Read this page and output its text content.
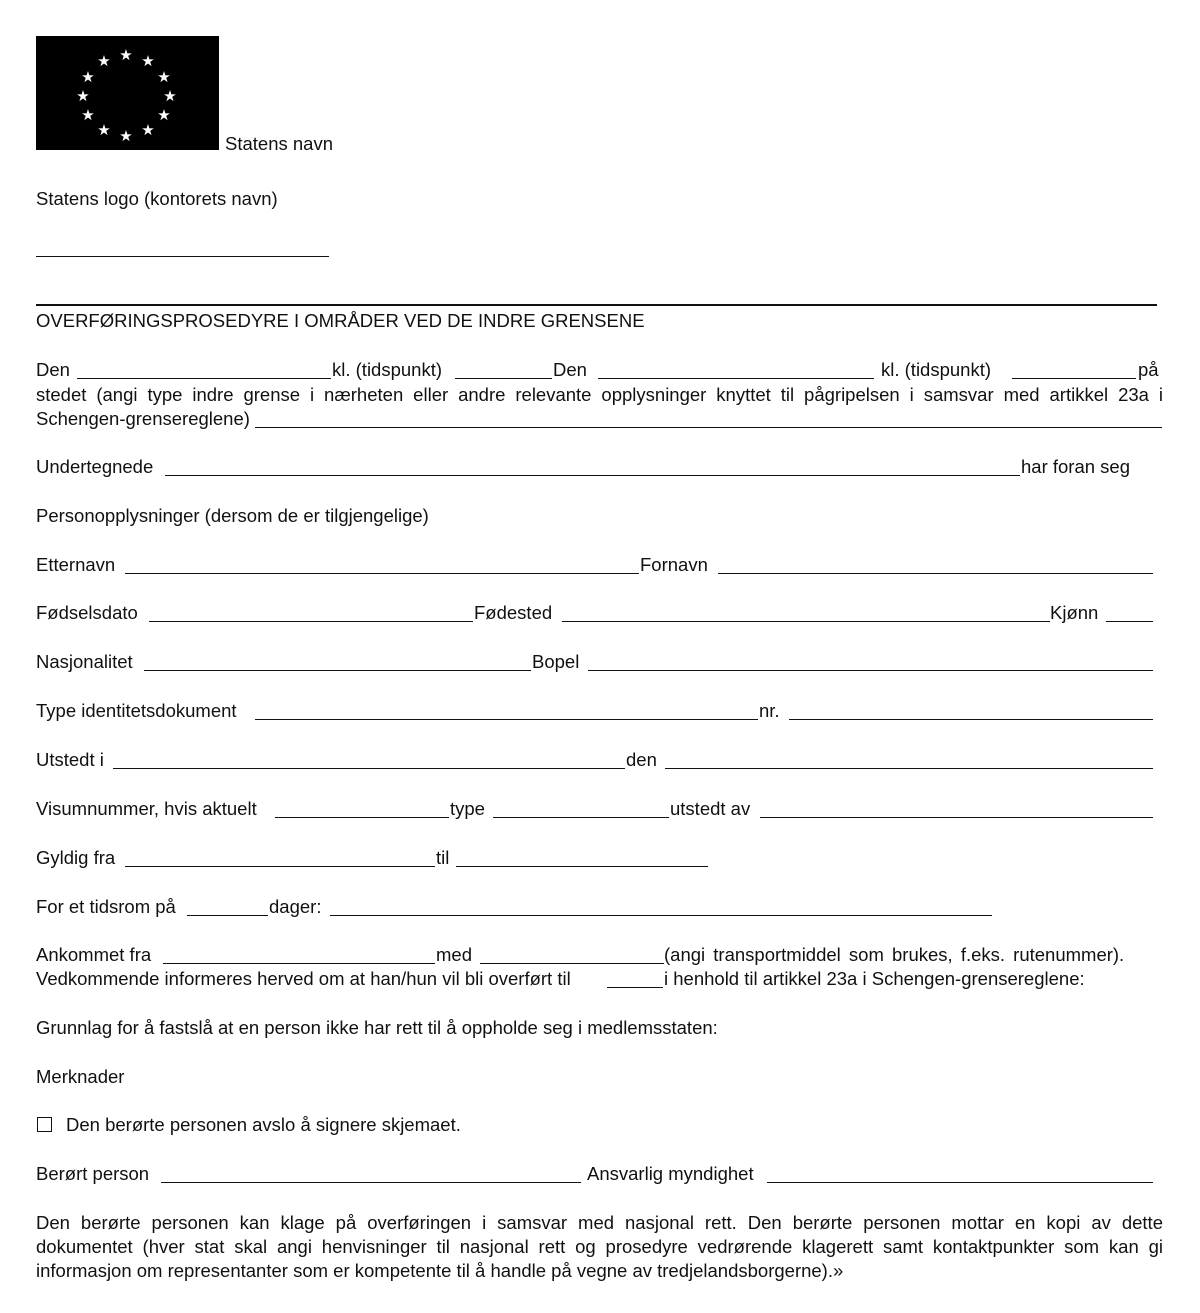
★ ★
★
★
★
★
★
★
★
★
★
★
Statens navn
Statens logo (kontorets navn)
OVERFØRINGSPROSEDYRE I OMRÅDER VED DE INDRE GRENSENE
Den	kl. (tidspunkt)	Den	kl. (tidspunkt)	på
stedet (angi type indre grense i nærheten eller andre relevante opplysninger knyttet til pågripelsen i samsvar med artikkel 23a i
Schengen-grensereglene)
Undertegnede	har foran seg
Personopplysninger (dersom de er tilgjengelige)
Etternavn	Fornavn
Fødselsdato	Fødested	Kjønn
Nasjonalitet	Bopel
Type identitetsdokument	nr.
Utstedt i	den
Visumnummer, hvis aktuelt	type	utstedt av
Gyldig fra	til
For et tidsrom på	dager:
Ankommet fra	med	(angi transportmiddel som brukes, f.eks. rutenummer).
Vedkommende informeres herved om at han/hun vil bli overført til	i henhold til artikkel 23a i Schengen-grensereglene:
Grunnlag for å fastslå at en person ikke har rett til å oppholde seg i medlemsstaten:
Merknader
Den berørte personen avslo å signere skjemaet.
Berørt person	Ansvarlig myndighet
Den berørte personen kan klage på overføringen i samsvar med nasjonal rett. Den berørte personen mottar en kopi av dette
dokumentet (hver stat skal angi henvisninger til nasjonal rett og prosedyre vedrørende klagerett samt kontaktpunkter som kan gi
informasjon om representanter som er kompetente til å handle på vegne av tredjelandsborgerne).»
